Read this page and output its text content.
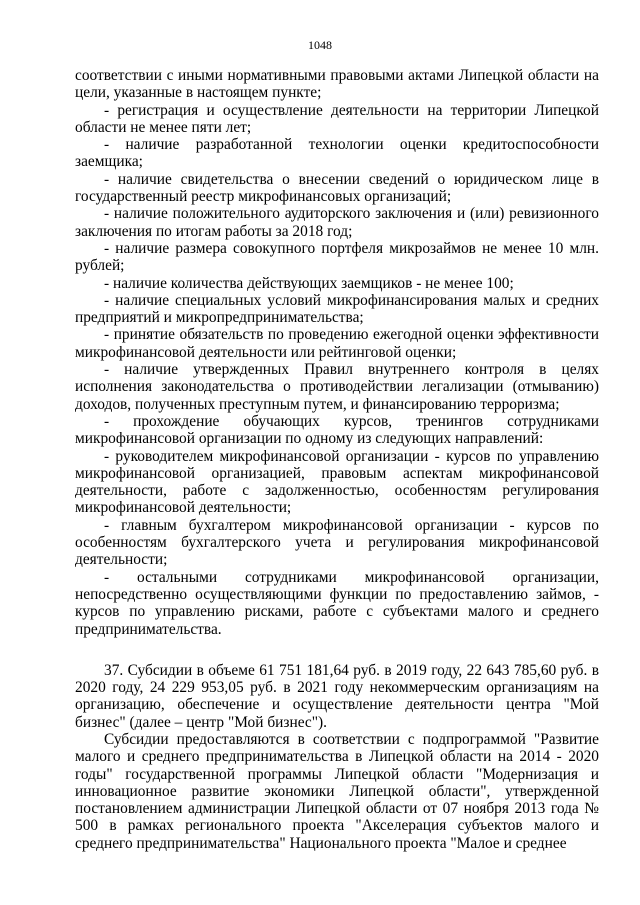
1048

соответствии с иными нормативными правовыми актами Липецкой области на цели, указанные в настоящем пункте;

- регистрация и осуществление деятельности на территории Липецкой области не менее пяти лет;

- наличие разработанной технологии оценки кредитоспособности заемщика;

- наличие свидетельства о внесении сведений о юридическом лице в государственный реестр микрофинансовых организаций;

- наличие положительного аудиторского заключения и (или) ревизионного заключения по итогам работы за 2018 год;

- наличие размера совокупного портфеля микрозаймов не менее 10 млн. рублей;

- наличие количества действующих заемщиков - не менее 100;

- наличие специальных условий микрофинансирования малых и средних предприятий и микропредпринимательства;

- принятие обязательств по проведению ежегодной оценки эффективности микрофинансовой деятельности или рейтинговой оценки;

- наличие утвержденных Правил внутреннего контроля в целях исполнения законодательства о противодействии легализации (отмыванию) доходов, полученных преступным путем, и финансированию терроризма;

- прохождение обучающих курсов, тренингов сотрудниками микрофинансовой организации по одному из следующих направлений:

- руководителем микрофинансовой организации - курсов по управлению микрофинансовой организацией, правовым аспектам микрофинансовой деятельности, работе с задолженностью, особенностям регулирования микрофинансовой деятельности;

- главным бухгалтером микрофинансовой организации - курсов по особенностям бухгалтерского учета и регулирования микрофинансовой деятельности;

- остальными сотрудниками микрофинансовой организации, непосредственно осуществляющими функции по предоставлению займов, - курсов по управлению рисками, работе с субъектами малого и среднего предпринимательства.

37. Субсидии в объеме 61 751 181,64 руб. в 2019 году, 22 643 785,60 руб. в 2020 году, 24 229 953,05 руб. в 2021 году некоммерческим организациям на организацию, обеспечение и осуществление деятельности центра "Мой бизнес" (далее – центр "Мой бизнес").

Субсидии предоставляются в соответствии с подпрограммой "Развитие малого и среднего предпринимательства в Липецкой области на 2014 - 2020 годы" государственной программы Липецкой области "Модернизация и инновационное развитие экономики Липецкой области", утвержденной постановлением администрации Липецкой области от 07 ноября 2013 года № 500 в рамках регионального проекта "Акселерация субъектов малого и среднего предпринимательства" Национального проекта "Малое и среднее
